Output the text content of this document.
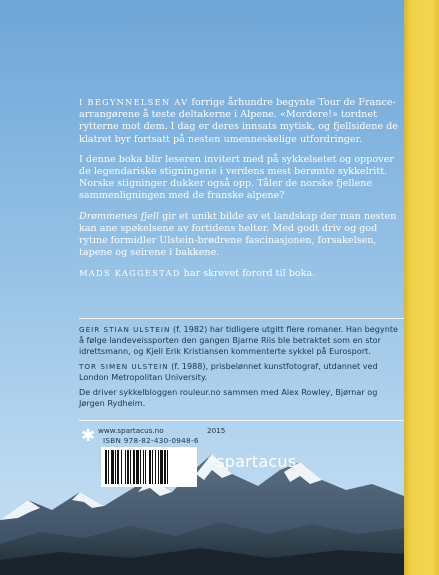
I BEGYNNELSEN AV forrige århundre begynte Tour de France-arrangørene å teste deltakerne i Alpene. «Mordere!» tordnet rytterne mot dem. I dag er deres innsats mytisk, og fjellsidene de klatret byr fortsatt på nesten umenneskelige utfordringer.

I denne boka blir leseren invitert med på sykkelsetet og oppover de legendariske stigningene i verdens mest berømte sykkelritt. Norske stigninger dukker også opp. Tåler de norske fjellene sammenligningen med de franske alpene?

Drømmenes fjell gir et unikt bilde av et landskap der man nesten kan ane spøkelsene av fortidens helter. Med godt driv og god rytme formidler Ulstein-brødrene fascinasjonen, forsakelsen, tapene og seirene i bakkene.

MADS KAGGESTAD har skrevet forord til boka.

GEIR STIAN ULSTEIN (f. 1982) har tidligere utgitt flere romaner. Han begynte å følge landeveissporten den gangen Bjarne Riis ble betraktet som en stor idrettsmann, og Kjell Erik Kristiansen kommenterte sykkel på Eurosport.

TOR SIMEN ULSTEIN (f. 1988), prisbelønnet kunstfotograf, utdannet ved London Metropolitan University.

De driver sykkelbloggen rouleur.no sammen med Alex Rowley, Bjørnar og Jørgen Rydheim.

✱ www.spartacus.no	2015
ISBN 978-82-430-0948-6
*spartacus
